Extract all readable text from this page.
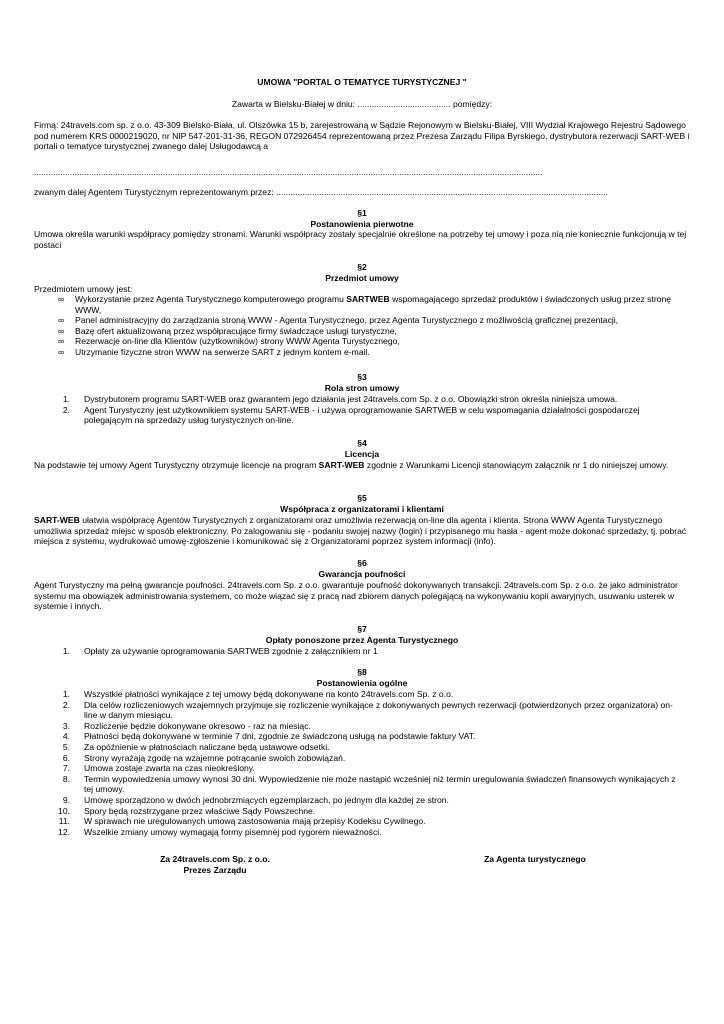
UMOWA "PORTAL O TEMATYCE TURYSTYCZNEJ "
Zawarta w Bielsku-Białej w dniu: ....................................... pomiędzy:
Firmą: 24travels.com sp. z o.o. 43-309 Bielsko-Biała, ul. Olszówka 15 b, zarejestrowaną w Sądzie Rejonowym w Bielsku-Białej, VIII Wydział Krajowego Rejestru Sądowego pod numerem KRS 0000219020, nr NIP 547-201-31-36, REGON 072926454 reprezentowaną przez Prezesa Zarządu Filipa Byrskiego, dystrybutora rezerwacji SART-WEB i portali o tematyce turystycznej zwanego dalej Usługodawcą a
.....................................................................................................................................................................................................................
zwanym dalej Agentem Turystycznym reprezentowanym przez: ...........................................................................................................................................
§1
Postanowienia pierwotne
Umowa określa warunki współpracy pomiędzy stronami. Warunki współpracy zostały specjalnie określone na potrzeby tej umowy i poza nią nie koniecznie funkcjonują w tej postaci
§2
Przedmiot umowy
Przedmiotem umowy jest:
∞ Wykorzystanie przez Agenta Turystycznego komputerowego programu SARTWEB wspomagającego sprzedaż produktów i świadczonych usług przez stronę WWW,
∞ Panel administracyjny do zarządzania stroną WWW - Agenta Turystycznego, przez Agenta Turystycznego z możliwością graficznej prezentacji,
∞ Bazę ofert aktualizowaną przez współpracujące firmy świadczące usługi turystyczne,
∞ Rezerwacje on-line dla Klientów (użytkowników) strony WWW Agenta Turystycznego,
∞ Utrzymanie fizyczne stron WWW na serwerze SART z jednym kontem e-mail.
§3
Rola stron umowy
1. Dystrybutorem programu SART-WEB oraz gwarantem jego działania jest 24travels.com Sp. z o.o. Obowiązki stron określa niniejsza umowa.
2. Agent Turystyczny jest użytkownikiem systemu SART-WEB - i używa oprogramowanie SARTWEB w celu wspomagania działalności gospodarczej polegającym na sprzedaży usług turystycznych on-line.
§4
Licencja
Na podstawie tej umowy Agent Turystyczny otrzymuje licencje na program SART-WEB zgodnie z Warunkami Licencji stanowiącym załącznik nr 1 do niniejszej umowy.
§5
Współpraca z organizatorami i klientami
SART-WEB ułatwia współpracę Agentów Turystycznych z organizatorami oraz umożliwia rezerwacją on-line dla agenta i klienta. Strona WWW Agenta Turystycznego umożliwia sprzedaż miejsc w sposób elektroniczny. Po zalogowaniu się - podaniu swojej nazwy (login) i przypisanego mu hasła - agent może dokonać sprzedaży, tj. pobrać miejsca z systemu, wydrukować umowę-zgłoszenie i komunikować się z Organizatorami poprzez system informacji (info).
§6
Gwarancja poufności
Agent Turystyczny ma pełną gwarancje poufności. 24travels.com Sp. z o.o. gwarantuje poufność dokonywanych transakcji. 24travels.com Sp. z o.o. że jako administrator systemu ma obowiązek administrowania systemem, co może wiązać się z pracą nad zbiorem danych polegającą na wykonywaniu kopii awaryjnych, usuwaniu usterek w systemie i innych.
§7
Opłaty ponoszone przez Agenta Turystycznego
1. Opłaty za używanie oprogramowania SARTWEB zgodnie z załącznikiem nr 1
§8
Postanowienia ogólne
1. Wszystkie płatności wynikające z tej umowy będą dokonywane na konto 24travels.com Sp. z o.o.
2. Dla celów rozliczeniowych wzajemnych przyjmuje się rozliczenie wynikające z dokonywanych pewnych rezerwacji (potwierdzonych przez organizatora) on-line w danym miesiącu.
3. Rozliczenie będzie dokonywane okresowo - raz na miesiąc.
4. Płatności będą dokonywane w terminie 7 dni, zgodnie ze świadczoną usługą na podstawie faktury VAT.
5. Za opóźnienie w płatnościach naliczane będą ustawowe odsetki.
6. Strony wyrażają zgodę na wzajemne potrącanie swoich zobowiązań.
7. Umowa zostaje zwarta na czas nieokreślony.
8. Termin wypowiedzenia umowy wynosi 30 dni. Wypowiedzenie nie może nastąpić wcześniej niż termin uregulowania świadczeń finansowych wynikających z tej umowy.
9. Umowę sporządzono w dwóch jednobrzmiących egzemplarzach, po jednym dla każdej ze stron.
10. Spory będą rozstrzygane przez właściwe Sądy Powszechne.
11. W sprawach nie uregulowanych umową zastosowania mają przepisy Kodeksu Cywilnego.
12. Wszelkie zmiany umowy wymagają formy pisemnej pod rygorem nieważności.
Za 24travels.com Sp. z o.o.
Prezes Zarządu
Za Agenta turystycznego
